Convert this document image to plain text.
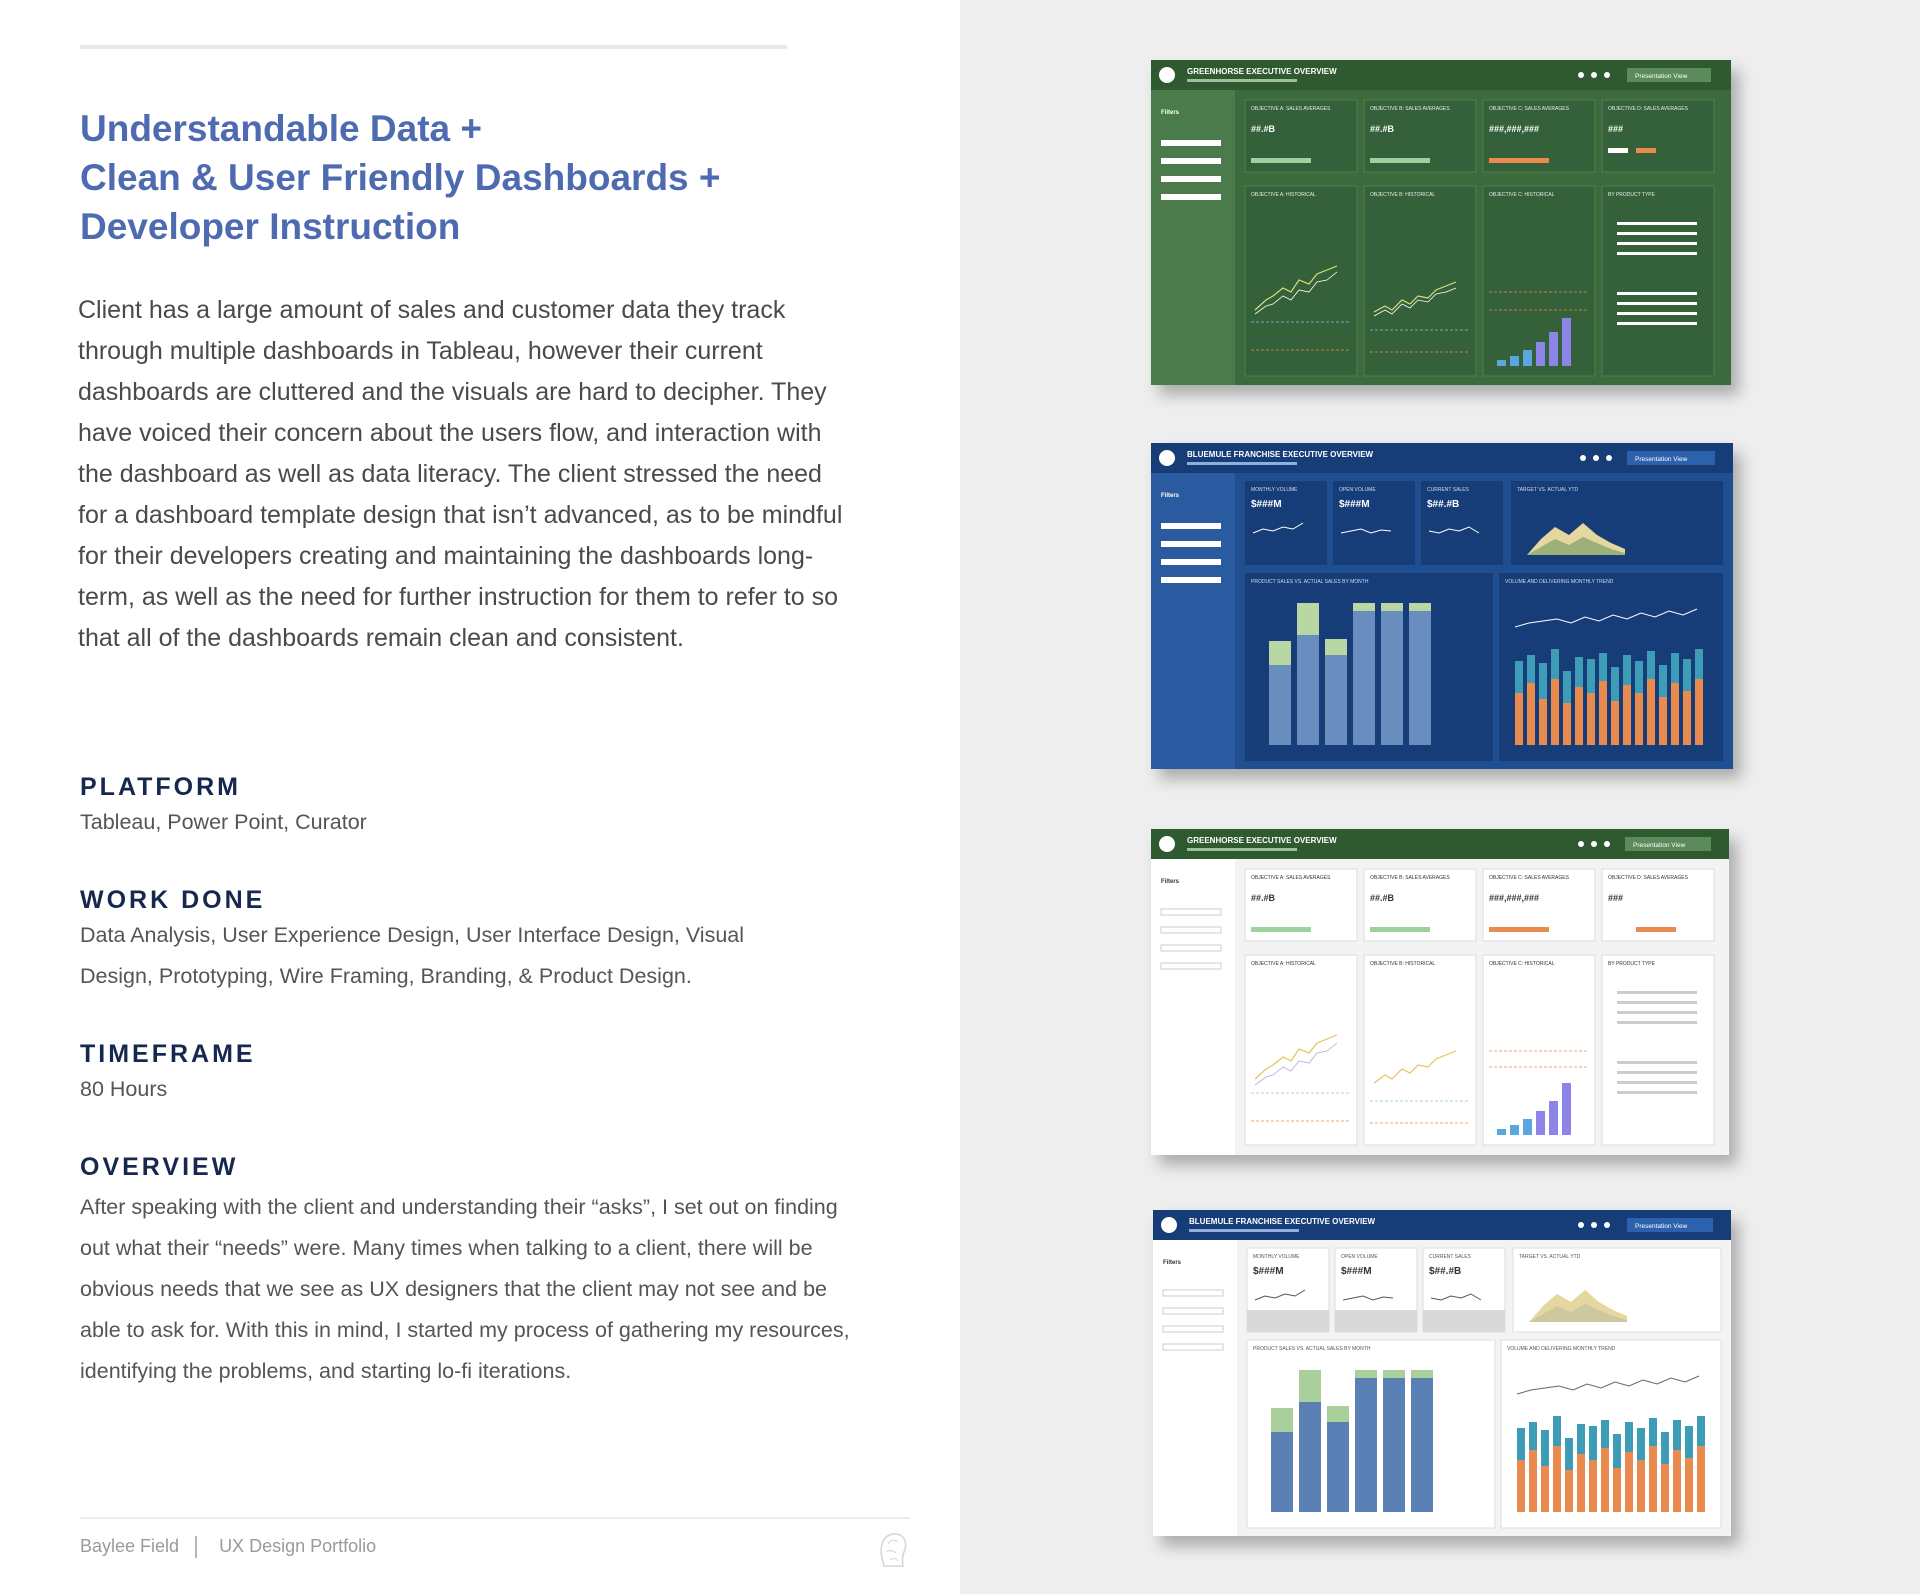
Understandable Data +
Clean & User Friendly Dashboards +
Developer Instruction

Client has a large amount of sales and customer data they track through multiple dashboards in Tableau, however their current dashboards are cluttered and the visuals are hard to decipher. They have voiced their concern about the users flow, and interaction with the dashboard as well as data literacy. The client stressed the need for a dashboard template design that isn’t advanced, as to be mindful for their developers creating and maintaining the dashboards long-term, as well as the need for further instruction for them to refer to so that all of the dashboards remain clean and consistent.

PLATFORM

Tableau, Power Point, Curator

WORK DONE

Data Analysis, User Experience Design, User Interface Design, Visual Design, Prototyping, Wire Framing, Branding, & Product Design.

TIMEFRAME

80 Hours

OVERVIEW

After speaking with the client and understanding their “asks”, I set out on finding out what their “needs” were. Many times when talking to a client, there will be obvious needs that we see as UX designers that the client may not see and be able to ask for. With this in mind, I started my process of gathering my resources, identifying the problems, and starting lo-fi iterations.

Baylee Field UX Design Portfolio
GREENHORSE EXECUTIVE OVERVIEW
Presentation View
Filters
OBJECTIVE A: SALES AVERAGES	OBJECTIVE B: SALES AVERAGES	OBJECTIVE C: SALES AVERAGES	OBJECTIVE D: SALES AVERAGES
##.#B	##.#B	###,###,###	###
OBJECTIVE A: HISTORICAL	OBJECTIVE B: HISTORICAL	OBJECTIVE C: HISTORICAL	BY PRODUCT TYPE
BLUEMULE FRANCHISE EXECUTIVE OVERVIEW
Presentation View
Filters
MONTHLY VOLUME	OPEN VOLUME	CURRENT SALES	TARGET VS. ACTUAL YTD
$###M	$###M	$##.#B
PRODUCT SALES VS. ACTUAL SALES BY MONTH	VOLUME AND DELIVERING MONTHLY TREND
GREENHORSE EXECUTIVE OVERVIEW
Presentation View
Filters
OBJECTIVE A: SALES AVERAGES	OBJECTIVE B: SALES AVERAGES	OBJECTIVE C: SALES AVERAGES	OBJECTIVE D: SALES AVERAGES
##.#B	##.#B	###,###,###	###
OBJECTIVE A: HISTORICAL	OBJECTIVE B: HISTORICAL	OBJECTIVE C: HISTORICAL	BY PRODUCT TYPE
BLUEMULE FRANCHISE EXECUTIVE OVERVIEW
Presentation View
Filters
MONTHLY VOLUME	OPEN VOLUME	CURRENT SALES	TARGET VS. ACTUAL YTD
$###M	$###M	$##.#B
PRODUCT SALES VS. ACTUAL SALES BY MONTH	VOLUME AND DELIVERING MONTHLY TREND
